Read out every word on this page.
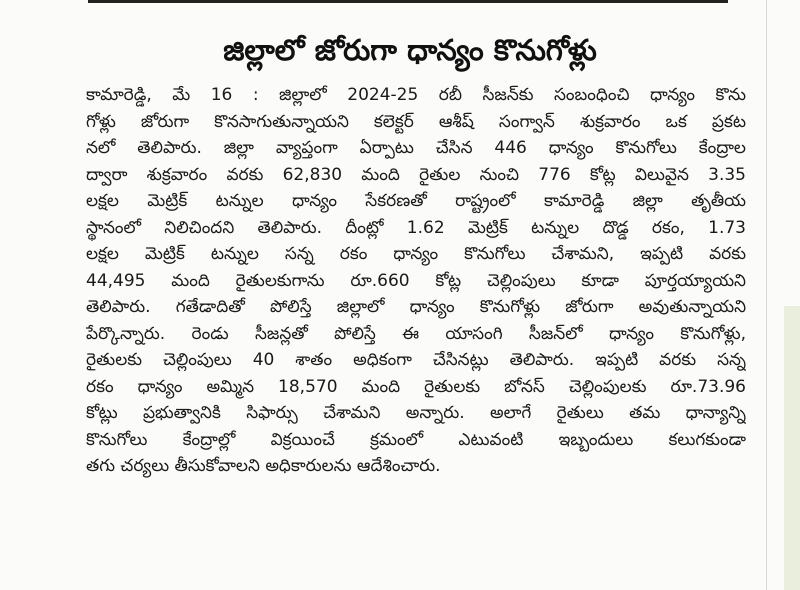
జిల్లాలో జోరుగా ధాన్యం కొనుగోళ్లు
కామారెడ్డి, మే 16 : జిల్లాలో 2024-25 రబీ సీజన్‌కు సంబంధించి ధాన్యం కొను
గోళ్లు జోరుగా కొనసాగుతున్నాయని కలెక్టర్ ఆశీష్ సంగ్వాన్ శుక్రవారం ఒక ప్రకట
నలో తెలిపారు. జిల్లా వ్యాప్తంగా ఏర్పాటు చేసిన 446 ధాన్యం కొనుగోలు కేంద్రాల
ద్వారా శుక్రవారం వరకు 62,830 మంది రైతుల నుంచి 776 కోట్ల విలువైన 3.35
లక్షల మెట్రిక్ టన్నుల ధాన్యం సేకరణతో రాష్ట్రంలో కామారెడ్డి జిల్లా తృతీయ
స్థానంలో నిలిచిందని తెలిపారు. దీంట్లో 1.62 మెట్రిక్ టన్నుల దొడ్డ రకం, 1.73
లక్షల మెట్రిక్ టన్నుల సన్న రకం ధాన్యం కొనుగోలు చేశామని, ఇప్పటి వరకు
44,495 మంది రైతులకుగాను రూ.660 కోట్ల చెల్లింపులు కూడా పూర్తయ్యాయని
తెలిపారు. గతేడాదితో పోలిస్తే జిల్లాలో ధాన్యం కొనుగోళ్లు జోరుగా అవుతున్నాయని
పేర్కొన్నారు. రెండు సీజన్లతో పోలిస్తే ఈ యాసంగి సీజన్‌లో ధాన్యం కొనుగోళ్లు,
రైతులకు చెల్లింపులు 40 శాతం అధికంగా చేసినట్లు తెలిపారు. ఇప్పటి వరకు సన్న
రకం ధాన్యం అమ్మిన 18,570 మంది రైతులకు బోనస్ చెల్లింపులకు రూ.73.96
కోట్లు ప్రభుత్వానికి సిఫార్సు చేశామని అన్నారు. అలాగే రైతులు తమ ధాన్యాన్ని
కొనుగోలు కేంద్రాల్లో విక్రయించే క్రమంలో ఎటువంటి ఇబ్బందులు కలుగకుండా
తగు చర్యలు తీసుకోవాలని అధికారులను ఆదేశించారు.
